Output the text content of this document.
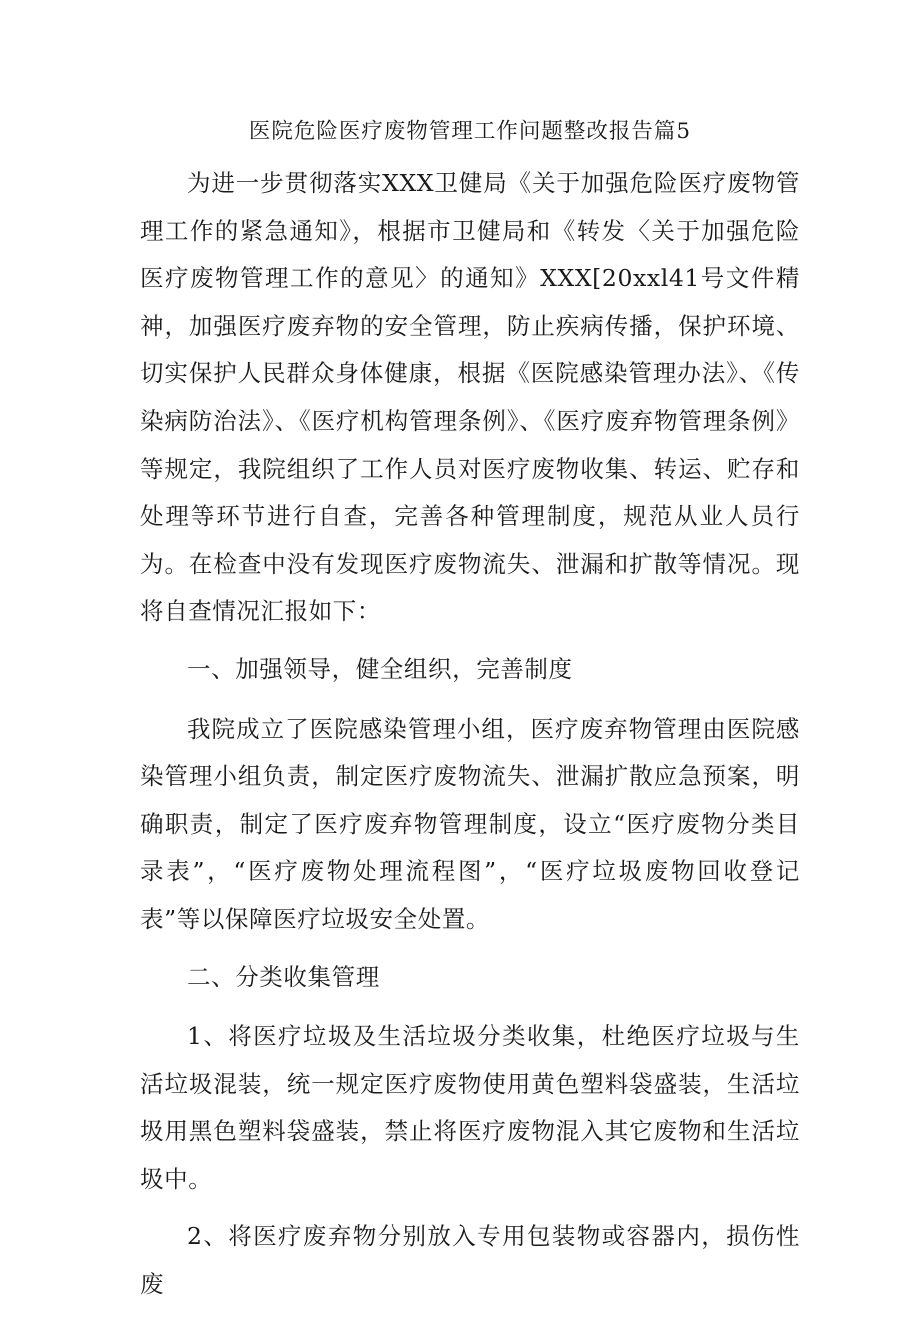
医院危险医疗废物管理工作问题整改报告篇5

为进一步贯彻落实XXX卫健局《关于加强危险医疗废物管理工作的紧急通知》，根据市卫健局和《转发〈关于加强危险医疗废物管理工作的意见〉的通知》XXX[20xxl41号文件精神，加强医疗废弃物的安全管理，防止疾病传播，保护环境、切实保护人民群众身体健康，根据《医院感染管理办法》、《传染病防治法》、《医疗机构管理条例》、《医疗废弃物管理条例》等规定，我院组织了工作人员对医疗废物收集、转运、贮存和处理等环节进行自查，完善各种管理制度，规范从业人员行为。在检查中没有发现医疗废物流失、泄漏和扩散等情况。现将自查情况汇报如下：

一、加强领导，健全组织，完善制度

我院成立了医院感染管理小组，医疗废弃物管理由医院感染管理小组负责，制定医疗废物流失、泄漏扩散应急预案，明确职责，制定了医疗废弃物管理制度，设立“医疗废物分类目录表”，“医疗废物处理流程图”，“医疗垃圾废物回收登记表”等以保障医疗垃圾安全处置。

二、分类收集管理

1、将医疗垃圾及生活垃圾分类收集，杜绝医疗垃圾与生活垃圾混装，统一规定医疗废物使用黄色塑料袋盛装，生活垃圾用黑色塑料袋盛装，禁止将医疗废物混入其它废物和生活垃圾中。

2、将医疗废弃物分别放入专用包装物或容器内，损伤性废
